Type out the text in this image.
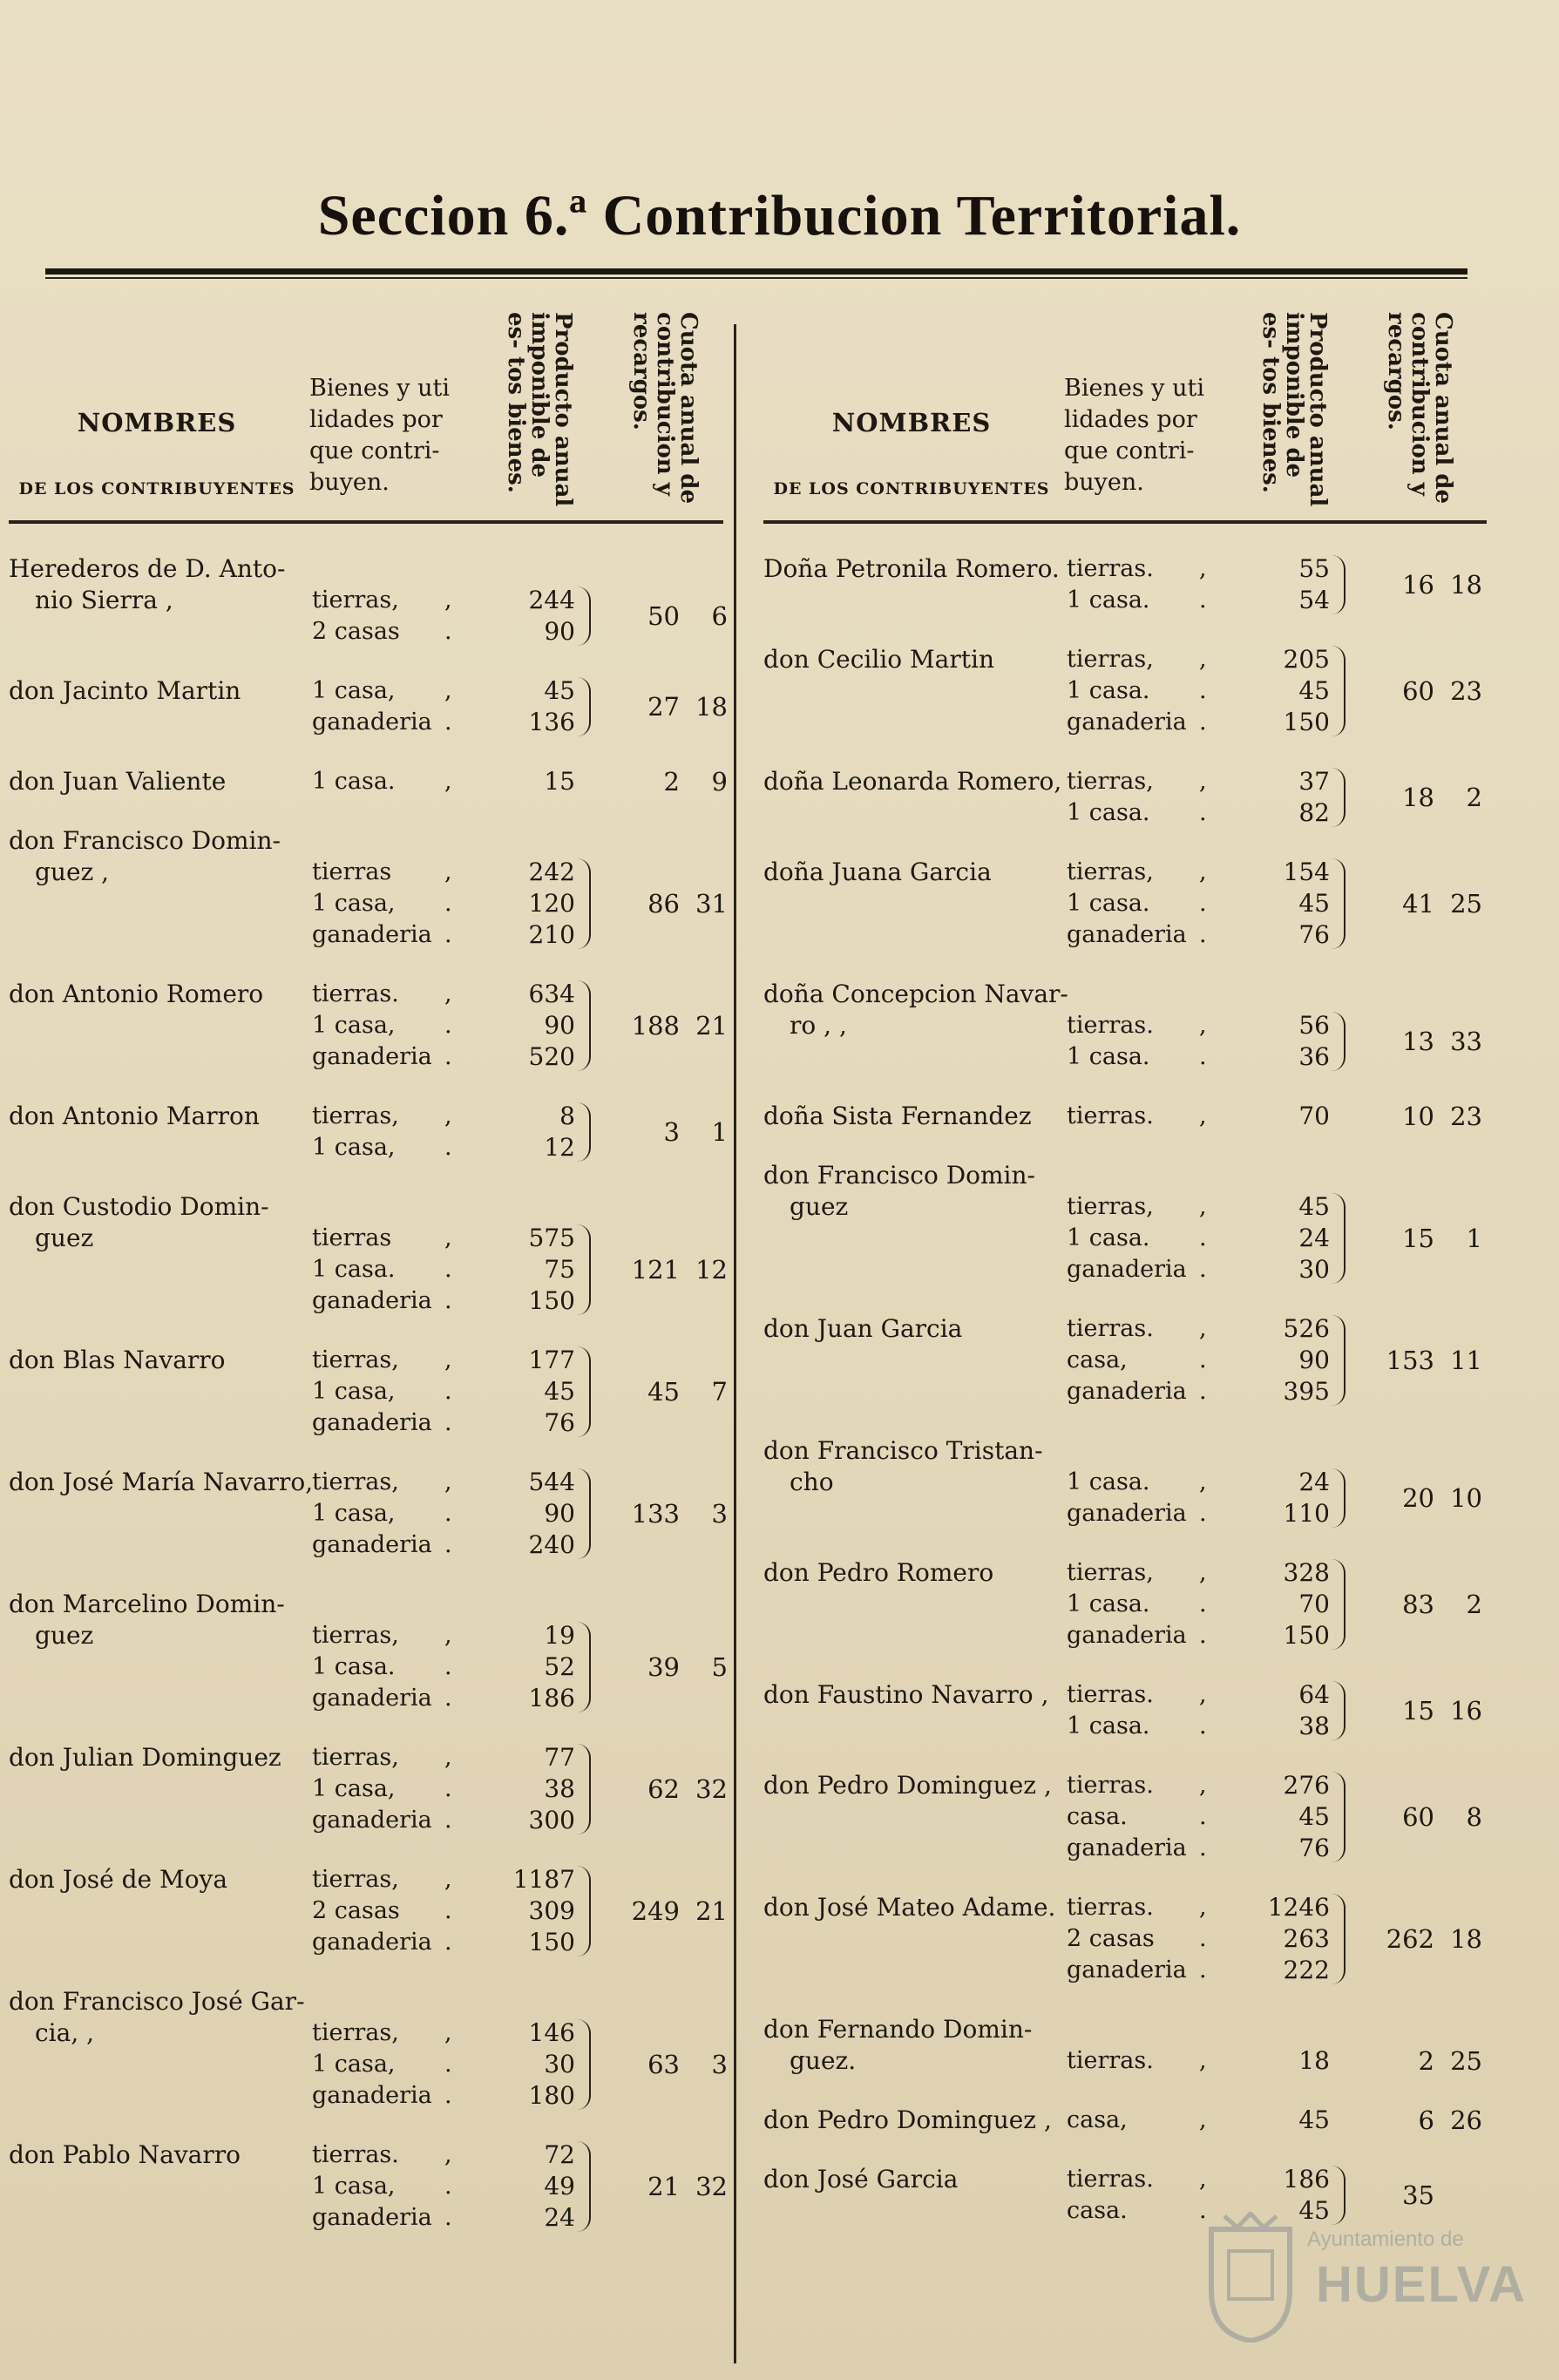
Seccion 6.ª Contribucion Territorial.
NOMBRES
DE LOS CONTRIBUYENTES
Bienes y uti lidades por que contri- buyen.	Producto anual imponible de es- tos bienes.	Cuota anual de contribucion y recargos.
Herederos de D. Anto-
nio Sierra ,	tierras, ,	244
2 casas .	90
50	6
don Jacinto Martin	1 casa, ,	45
ganaderia .	136
27 18
don Juan Valiente	1 casa. ,	15	2	9
don Francisco Domin-
guez ,	tierras ,	242
1 casa, .	120
ganaderia .	210
86 31
don Antonio Romero tierras. ,	634
1 casa, .	90
ganaderia .	520
188 21
don Antonio Marron tierras, ,	8
1 casa, .	12
3	1
don Custodio Domin-
guez	tierras ,	575
1 casa. .	75
ganaderia .	150
121 12
don Blas Navarro	tierras, ,	177
1 casa, .	45
ganaderia .	76
45	7
don José María Navarro,
tierras, ,	544
1 casa, .	90
ganaderia .	240
133	3
don Marcelino Domin-
guez	tierras, ,	19
1 casa. .	52
ganaderia .	186
39	5
don Julian Dominguez tierras, ,	77
1 casa, .	38
ganaderia .	300
62 32
don José de Moya	tierras, ,	1187
2 casas .	309
ganaderia .	150
249 21
don Francisco José Gar-
cia, ,	tierras, ,	146
1 casa, .	30
ganaderia .	180
63	3
don Pablo Navarro	tierras. ,	72
1 casa, .	49
ganaderia .	24
21 32
NOMBRES
DE LOS CONTRIBUYENTES
Bienes y uti lidades por que contri- buyen.	Producto anual imponible de es- tos bienes.	Cuota anual de contribucion y recargos.
Doña Petronila Romero. tierras. ,	55
1 casa. .	54
16 18
don Cecilio Martin	tierras, ,	205
1 casa. .	45
ganaderia .	150
60 23
doña Leonarda Romero, tierras, ,	37
1 casa. .	82
18	2
doña Juana Garcia	tierras, ,	154
1 casa. .	45
ganaderia .	76
41 25
doña Concepcion Navar-
ro , ,	tierras. ,	56
1 casa. .	36
13 33
doña Sista Fernandez tierras. ,	70	10 23
don Francisco Domin-
guez	tierras, ,	45
1 casa. .	24
ganaderia .	30
15	1
don Juan Garcia	tierras. ,	526
casa,	.	90
ganaderia .	395
153 11
don Francisco Tristan-
cho	1 casa. ,	24
ganaderia .	110
20 10
don Pedro Romero	tierras, ,	328
1 casa. .	70
ganaderia .	150
83	2
don Faustino Navarro , tierras. ,	64
1 casa. .	38
15 16
don Pedro Dominguez , tierras. ,	276
casa.	.	45
ganaderia .	76
60	8
don José Mateo Adame. tierras. ,	1246
2 casas .	263
ganaderia .	222
262 18
don Fernando Domin-
guez.	tierras. ,	18	2 25
don Pedro Dominguez , casa,	,	45	6 26
don José Garcia	tierras. ,	186
casa.	.	45
35
Ayuntamiento de
HUELVA
